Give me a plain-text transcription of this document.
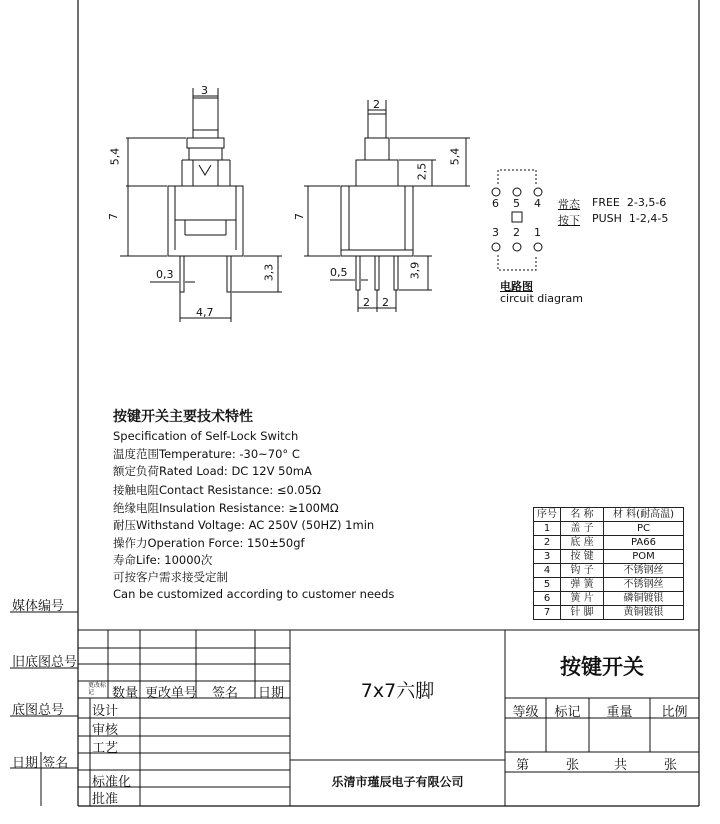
3
5,4
7
0,3	3,3
4,7
2
2,5
5,4
7
0,5	3,9
2 2
6 5 4
3 2 1
常态 FREE  2-3,5-6
按下 PUSH  1-2,4-5
电路图
circuit diagram
按键开关主要技术特性
Specification of Self-Lock Switch
温度范围Temperature: -30~70° C
额定负荷Rated Load: DC 12V 50mA
接触电阻Contact Resistance: ≤0.05Ω
绝缘电阻Insulation Resistance: ≥100MΩ
耐压Withstand Voltage: AC 250V (50HZ) 1min
操作力Operation Force: 150±50gf
寿命Life: 10000次
可按客户需求接受定制
Can be customized according to customer needs
序号	名 称	材 料(耐高温)
1	盖 子	PC
2	底 座	PA66
3	按 键	POM
4	钩 子	不锈钢丝
5	弹 簧	不锈钢丝
6	簧 片	磷铜镀银
7	针 脚	黄铜镀银
媒体编号
旧底图总号
底图总号
日期 签名
更改标记	数量 更改单号 签名 日期
设计
审核
工艺
标准化
批准
7x7六脚
乐清市瑾辰电子有限公司
按键开关
等级	标记	重量	比例
第	张	共	张
